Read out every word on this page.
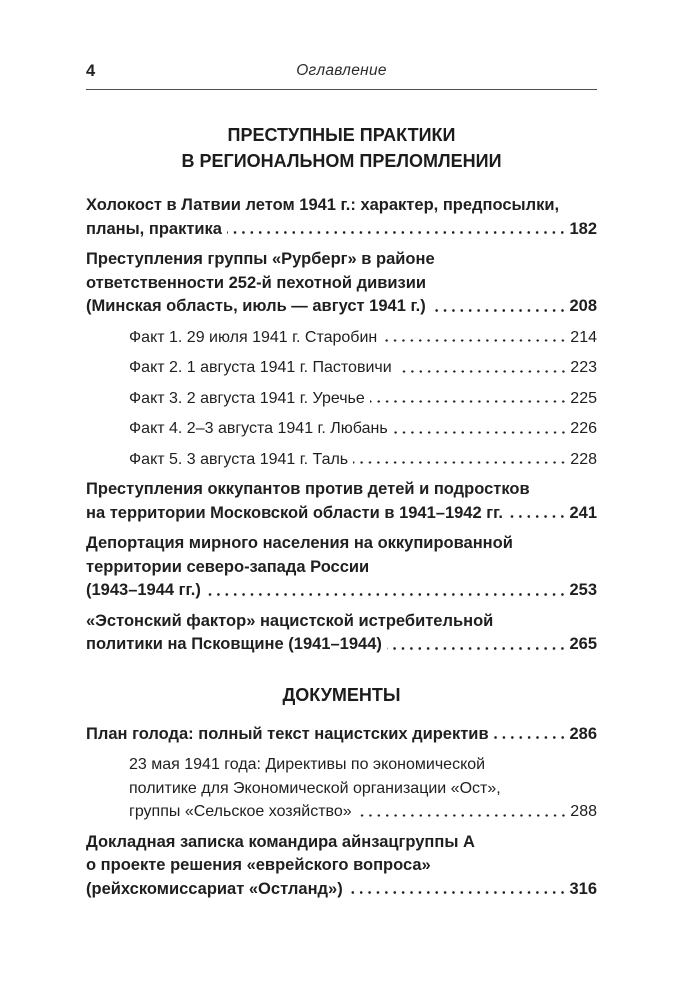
4	Оглавление
ПРЕСТУПНЫЕ ПРАКТИКИ
В РЕГИОНАЛЬНОМ ПРЕЛОМЛЕНИИ
Холокост в Латвии летом 1941 г.: характер, предпосылки,
планы, практика	182
Преступления группы «Рурберг» в районе
ответственности 252-й пехотной дивизии
(Минская область, июль — август 1941 г.)	208
Факт 1. 29 июля 1941 г. Старобин	214
Факт 2. 1 августа 1941 г. Пастовичи	223
Факт 3. 2 августа 1941 г. Уречье	225
Факт 4. 2–3 августа 1941 г. Любань	226
Факт 5. 3 августа 1941 г. Таль	228
Преступления оккупантов против детей и подростков
на территории Московской области в 1941–1942 гг.	241
Депортация мирного населения на оккупированной
территории северо-запада России
(1943–1944 гг.)	253
«Эстонский фактор» нацистской истребительной
политики на Псковщине (1941–1944)	265
ДОКУМЕНТЫ
План голода: полный текст нацистских директив	286
23 мая 1941 года: Директивы по экономической
политике для Экономической организации «Ост»,
группы «Сельское хозяйство»	288
Докладная записка командира айнзацгруппы А
о проекте решения «еврейского вопроса»
(рейхскомиссариат «Остланд»)	316
